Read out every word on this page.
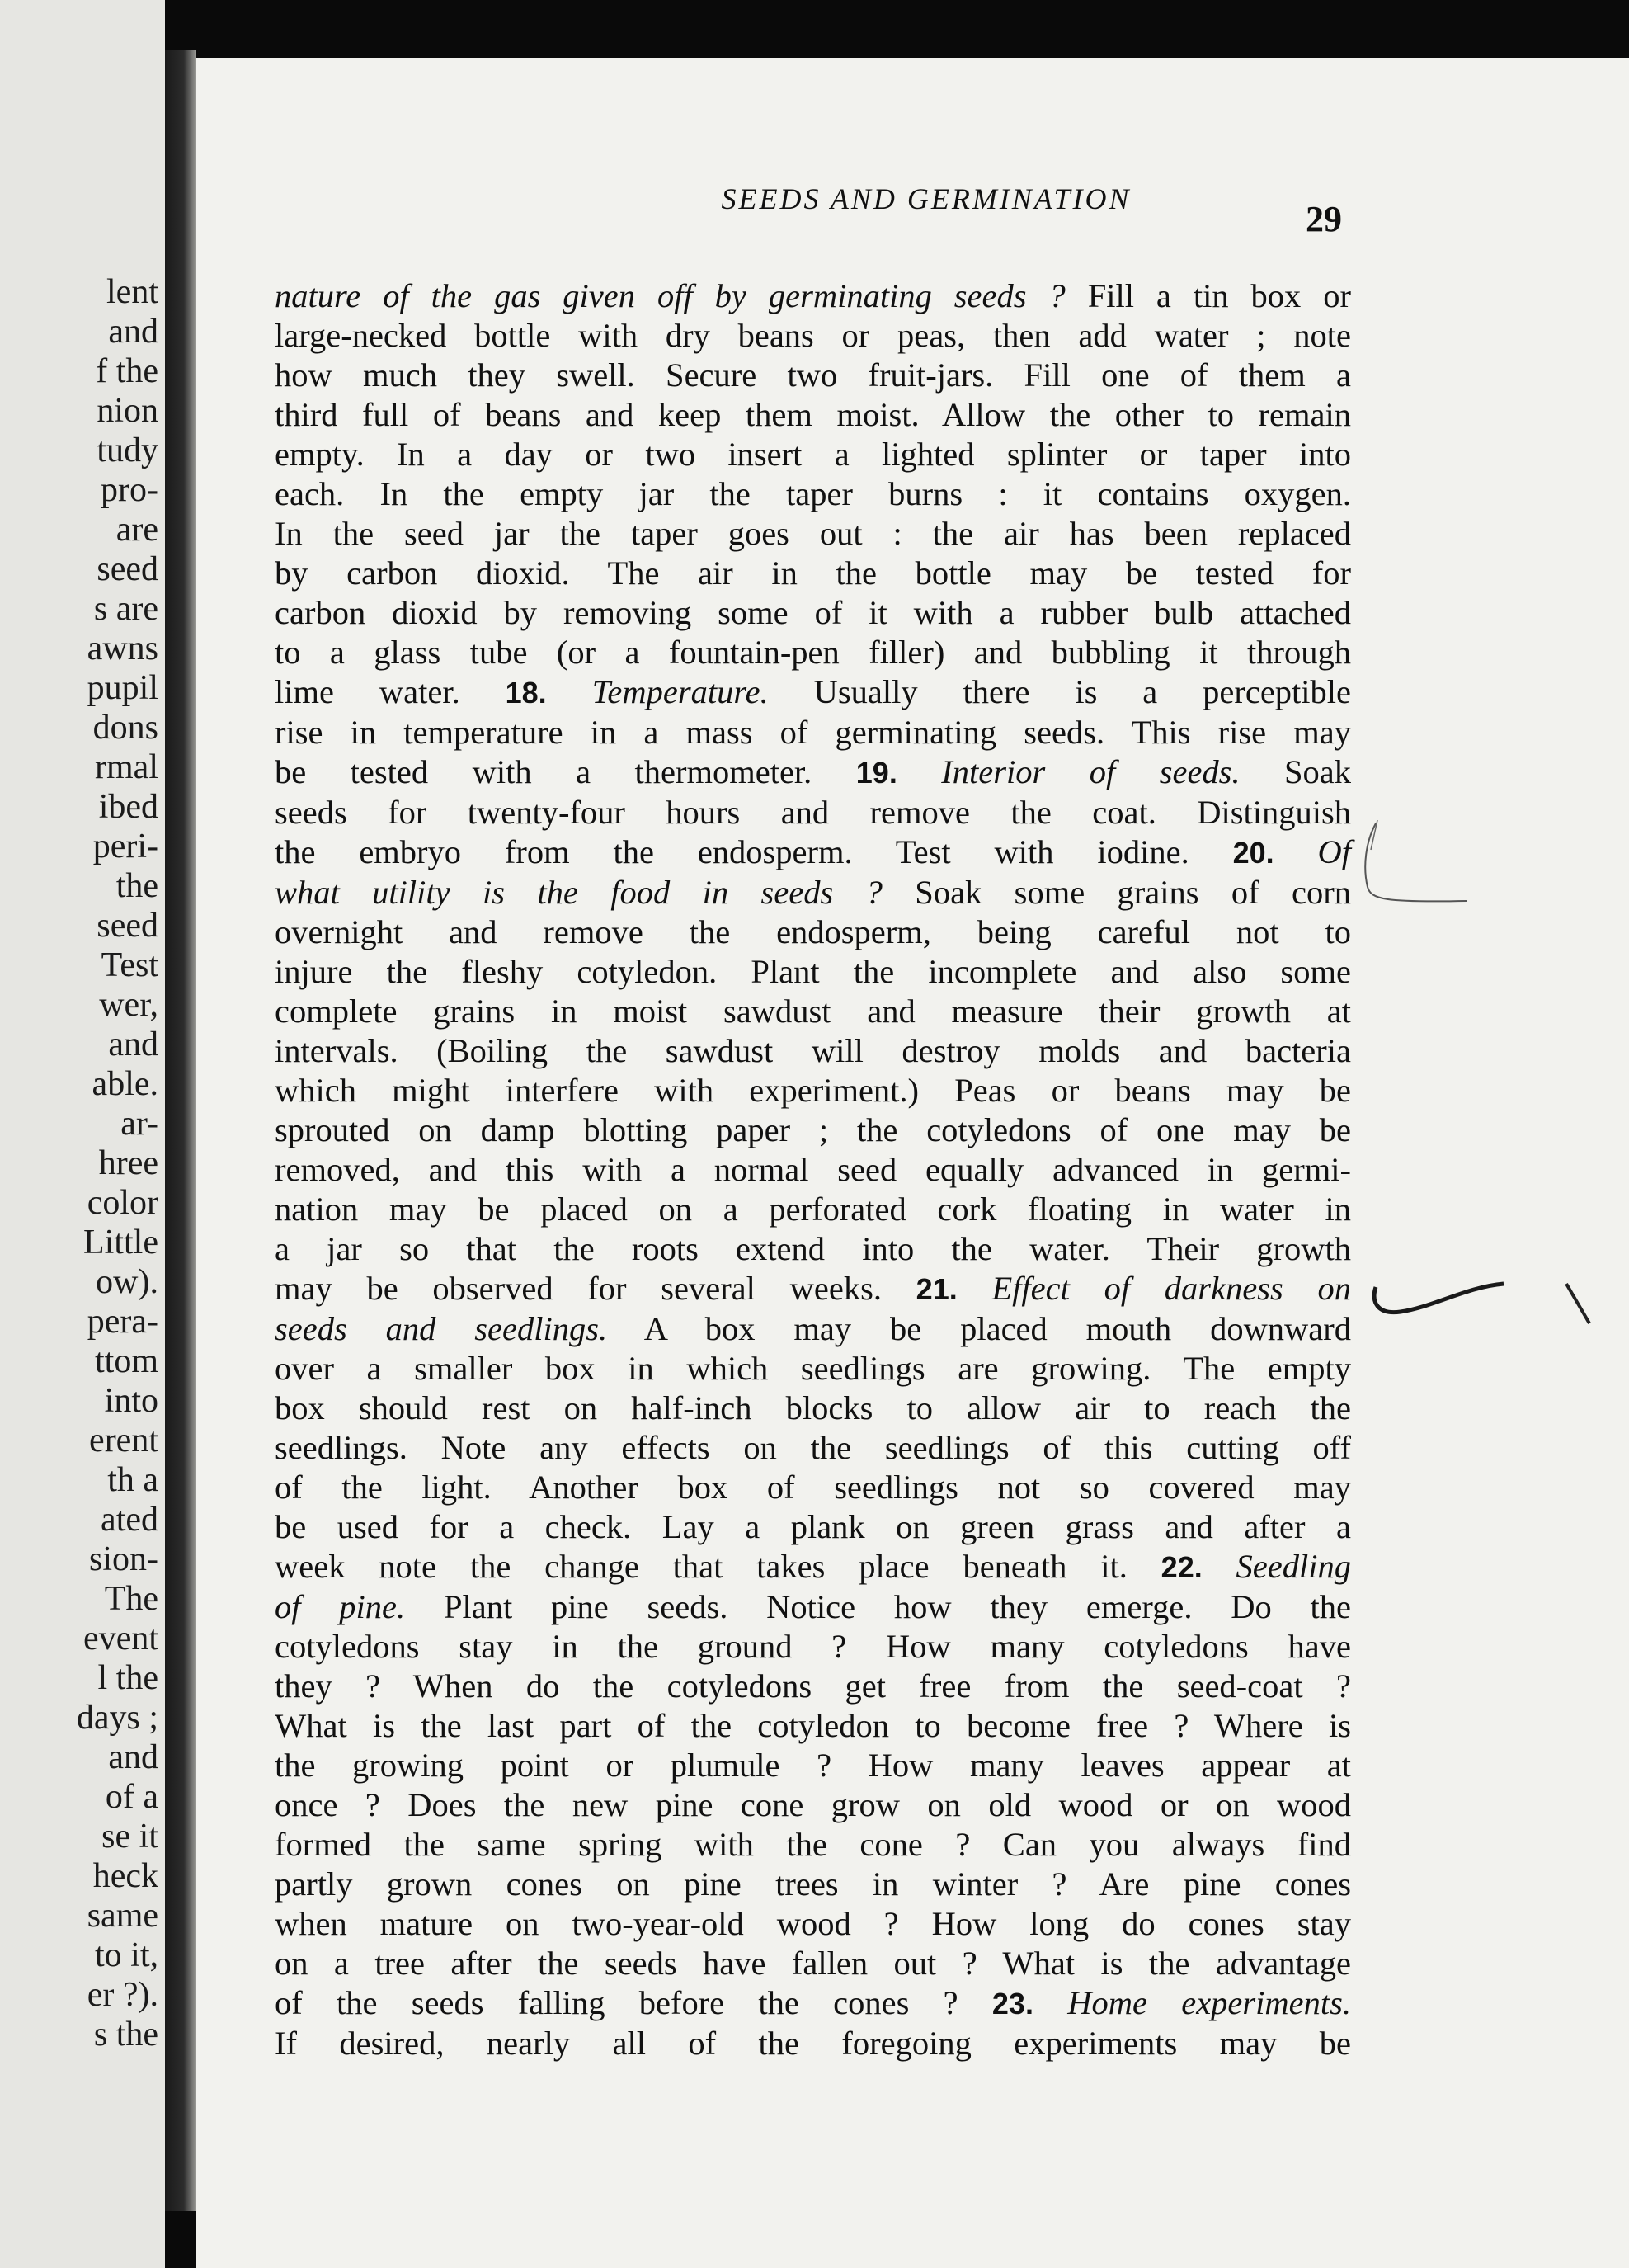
lent
and
f the
nion
tudy
pro-
are
seed
s are
awns
pupil
dons
rmal
ibed
peri-
the
seed
Test
wer,
and
able.
ar-
hree
color
Little
ow).
pera-
ttom
into
erent
th a
ated
sion-
The
event
l the
days ;
and
of a
se it
heck
same
to it,
er ?).
s the
SEEDS AND GERMINATION	29
nature of the gas given off by germinating seeds ? Fill a tin box or
large-necked bottle with dry beans or peas, then add water ; note
how much they swell. Secure two fruit-jars. Fill one of them a
third full of beans and keep them moist. Allow the other to remain
empty. In a day or two insert a lighted splinter or taper into
each. In the empty jar the taper burns : it contains oxygen.
In the seed jar the taper goes out : the air has been replaced
by carbon dioxid. The air in the bottle may be tested for
carbon dioxid by removing some of it with a rubber bulb attached
to a glass tube (or a fountain-pen filler) and bubbling it through
lime water. 18. Temperature. Usually there is a perceptible
rise in temperature in a mass of germinating seeds. This rise may
be tested with a thermometer. 19. Interior of seeds. Soak
seeds for twenty-four hours and remove the coat. Distinguish
the embryo from the endosperm. Test with iodine. 20. Of
what utility is the food in seeds ? Soak some grains of corn
overnight and remove the endosperm, being careful not to
injure the fleshy cotyledon. Plant the incomplete and also some
complete grains in moist sawdust and measure their growth at
intervals. (Boiling the sawdust will destroy molds and bacteria
which might interfere with experiment.) Peas or beans may be
sprouted on damp blotting paper ; the cotyledons of one may be
removed, and this with a normal seed equally advanced in germi-
nation may be placed on a perforated cork floating in water in
a jar so that the roots extend into the water. Their growth
may be observed for several weeks. 21. Effect of darkness on
seeds and seedlings. A box may be placed mouth downward
over a smaller box in which seedlings are growing. The empty
box should rest on half-inch blocks to allow air to reach the
seedlings. Note any effects on the seedlings of this cutting off
of the light. Another box of seedlings not so covered may
be used for a check. Lay a plank on green grass and after a
week note the change that takes place beneath it. 22. Seedling
of pine. Plant pine seeds. Notice how they emerge. Do the
cotyledons stay in the ground ? How many cotyledons have
they ? When do the cotyledons get free from the seed-coat ?
What is the last part of the cotyledon to become free ? Where is
the growing point or plumule ? How many leaves appear at
once ? Does the new pine cone grow on old wood or on wood
formed the same spring with the cone ? Can you always find
partly grown cones on pine trees in winter ? Are pine cones
when mature on two-year-old wood ? How long do cones stay
on a tree after the seeds have fallen out ? What is the advantage
of the seeds falling before the cones ? 23. Home experiments.
If desired, nearly all of the foregoing experiments may be
